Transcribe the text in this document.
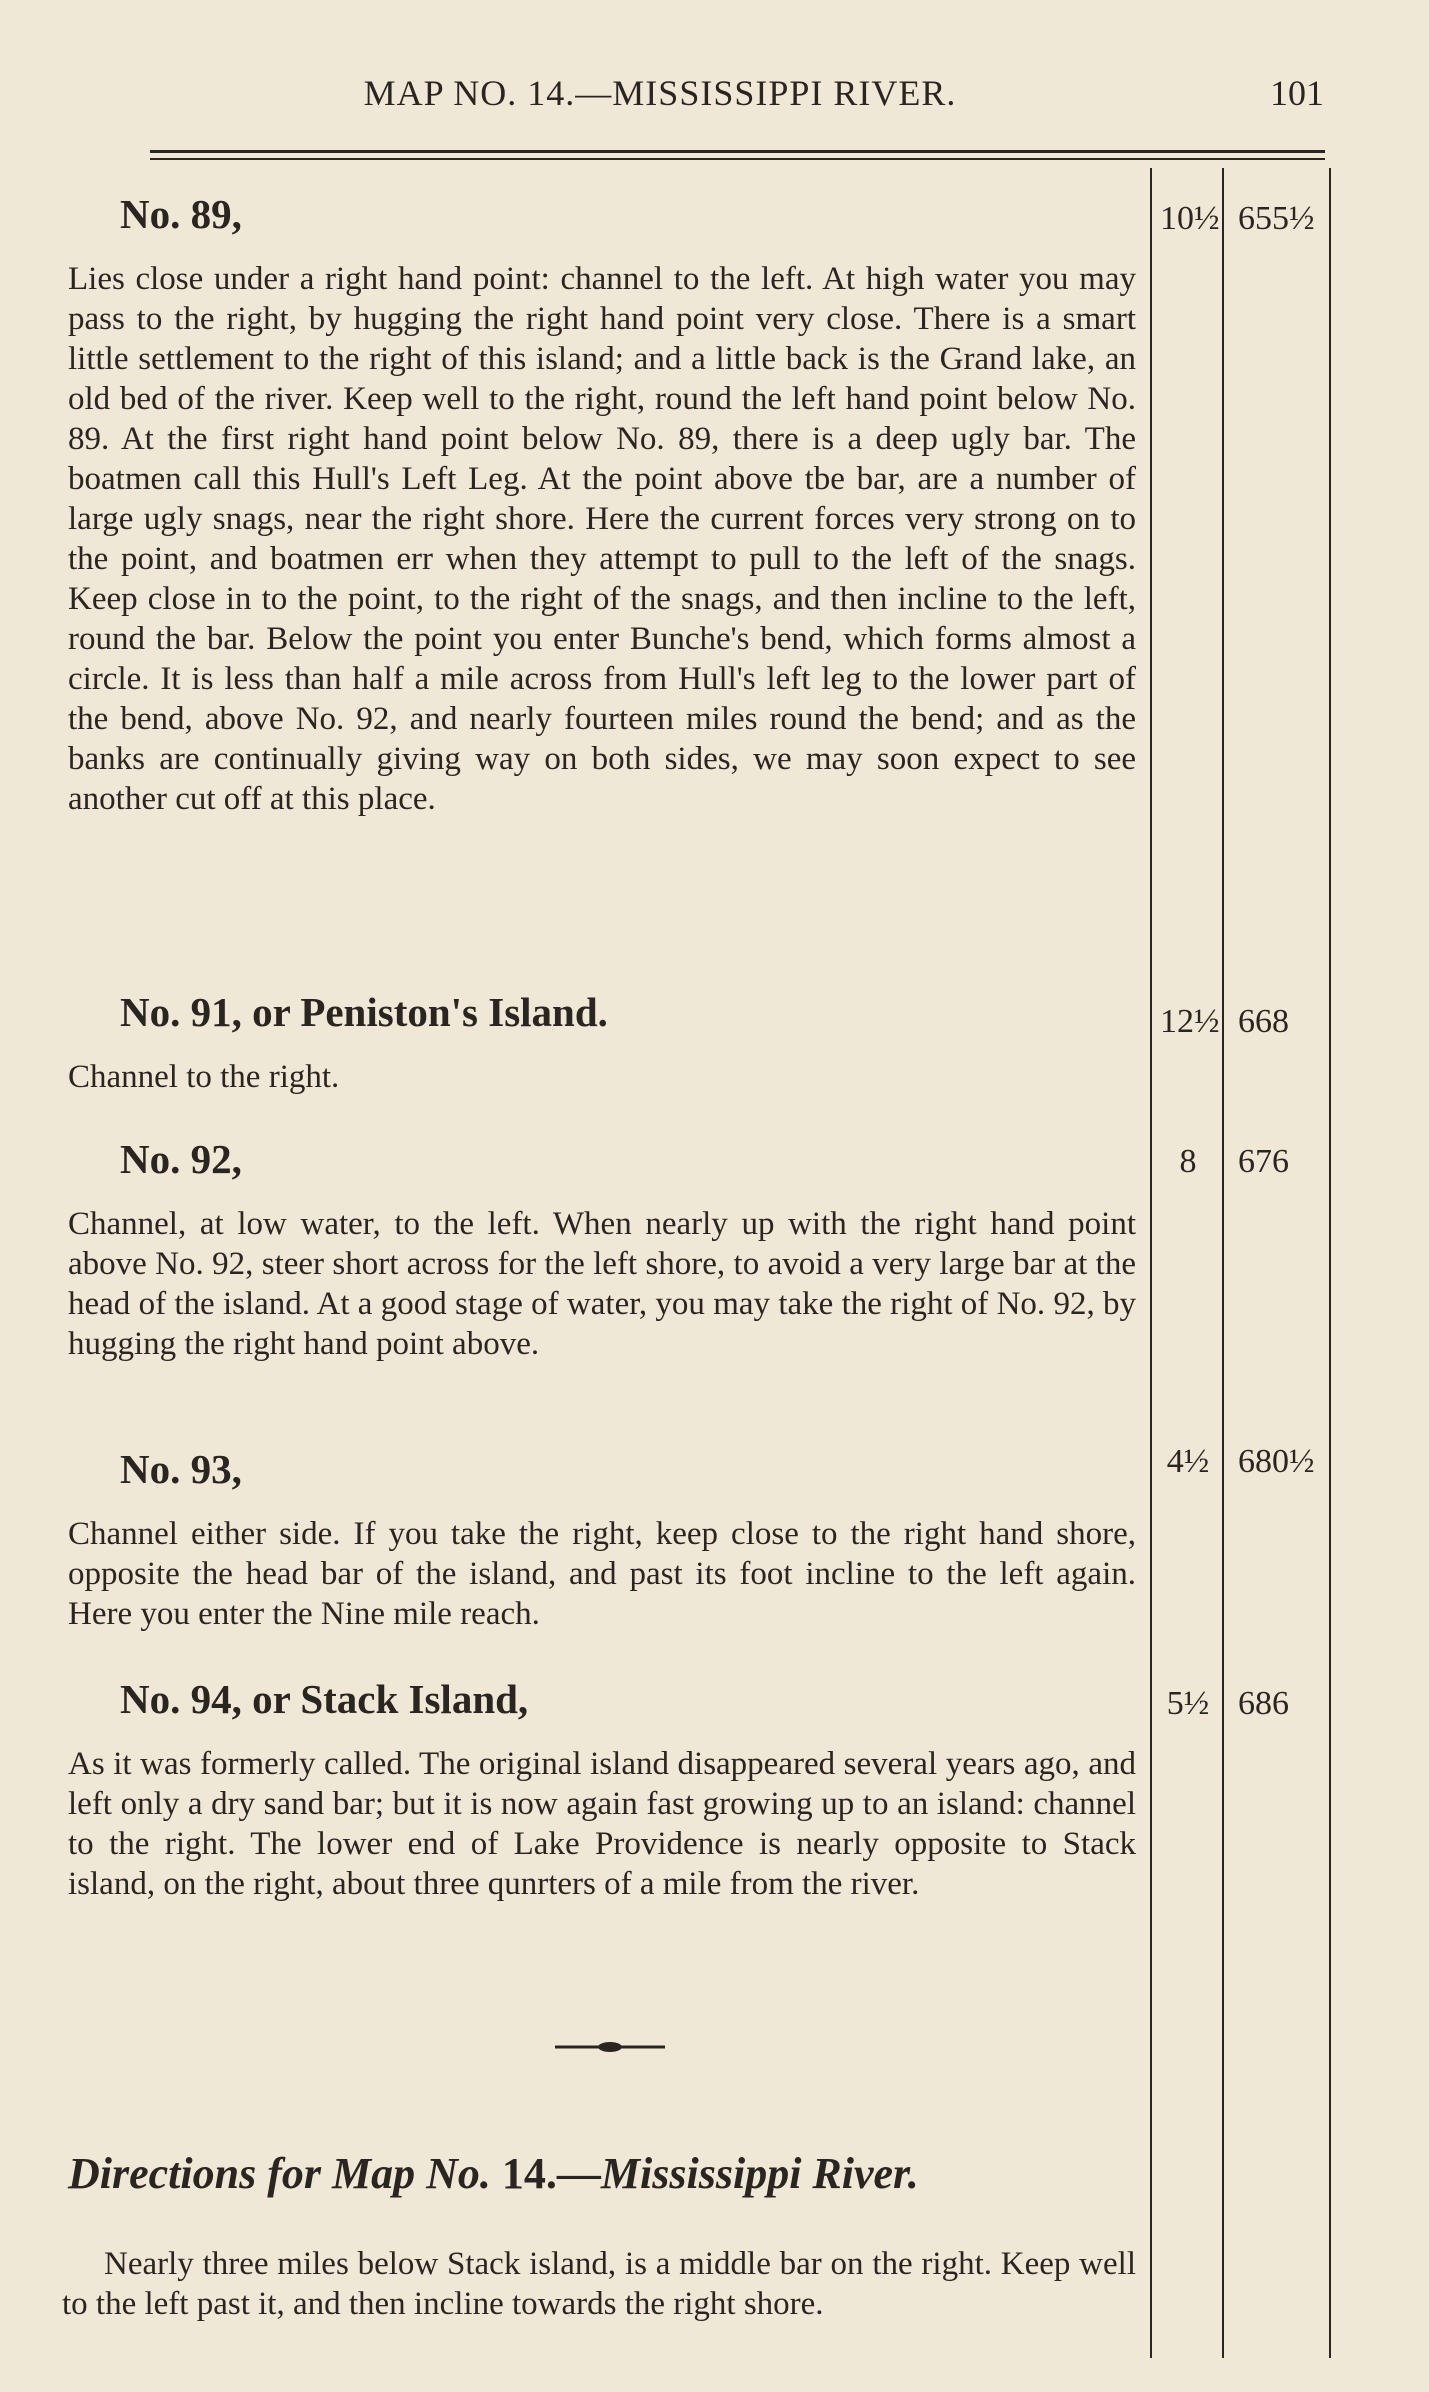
MAP NO. 14.—MISSISSIPPI RIVER.	101
No. 89,
Lies close under a right hand point: channel to the left. At high water you may pass to the right, by hugging the right hand point very close. There is a smart little settlement to the right of this island; and a little back is the Grand lake, an old bed of the river. Keep well to the right, round the left hand point below No. 89. At the first right hand point below No. 89, there is a deep ugly bar. The boatmen call this Hull's Left Leg. At the point above tbe bar, are a number of large ugly snags, near the right shore. Here the current forces very strong on to the point, and boatmen err when they attempt to pull to the left of the snags. Keep close in to the point, to the right of the snags, and then incline to the left, round the bar. Below the point you enter Bunche's bend, which forms almost a circle. It is less than half a mile across from Hull's left leg to the lower part of the bend, above No. 92, and nearly fourteen miles round the bend; and as the banks are continually giving way on both sides, we may soon expect to see another cut off at this place.
10½ 655½
No. 91, or Peniston's Island.
Channel to the right.
12½ 668
No. 92,
Channel, at low water, to the left. When nearly up with the right hand point above No. 92, steer short across for the left shore, to avoid a very large bar at the head of the island. At a good stage of water, you may take the right of No. 92, by hugging the right hand point above.
8	676
No. 93,
Channel either side. If you take the right, keep close to the right hand shore, opposite the head bar of the island, and past its foot incline to the left again. Here you enter the Nine mile reach.
4½ 680½
No. 94, or Stack Island,
As it was formerly called. The original island disappeared several years ago, and left only a dry sand bar; but it is now again fast growing up to an island: channel to the right. The lower end of Lake Providence is nearly opposite to Stack island, on the right, about three qunrters of a mile from the river.
5½ 686
Directions for Map No. 14.—Mississippi River.
Nearly three miles below Stack island, is a middle bar on the right. Keep well to the left past it, and then incline towards the right shore.
